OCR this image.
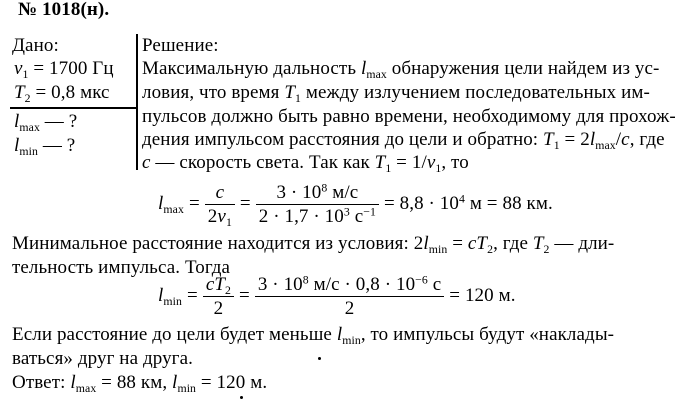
№ 1018(н).
Дано:
$v_1 = 1700$ Гц
$T_2 = 0,8$ мкс
$l_{max}$ — ?
$l_{min}$ — ?
Решение:
Максимальную дальность $l_{max}$ обнаружения цели найдем из ус-
ловия, что время $T_1$ между излучением последовательных им-
пульсов должно быть равно времени, необходимому для прохож-
дения импульсом расстояния до цели и обратно: $T_1 = 2l_{max}/c$, где
c — скорость света. Так как $T_1 = 1/v_1$, то
$l_{max} = \frac{c}{2v_1} = \frac{3 \cdot 10^8 м/с}{2 \cdot 1,7 \cdot 10^3 с^{-1}} = 8,8 \cdot 10^4$ м = 88 км.
Минимальное расстояние находится из условия: $2l_{min} = cT_2$, где $T_2$ — дли-
тельность импульса. Тогда
$l_{min} = \frac{cT_2}{2} = \frac{3 \cdot 10^8 м/с \cdot 0,8 \cdot 10^{-6} с}{2} = 120$ м.
Если расстояние до цели будет меньше $l_{min}$, то импульсы будут «наклады-
ваться» друг на друга.
Ответ: $l_{max} = 88$ км, $l_{min} = 120$ м.
